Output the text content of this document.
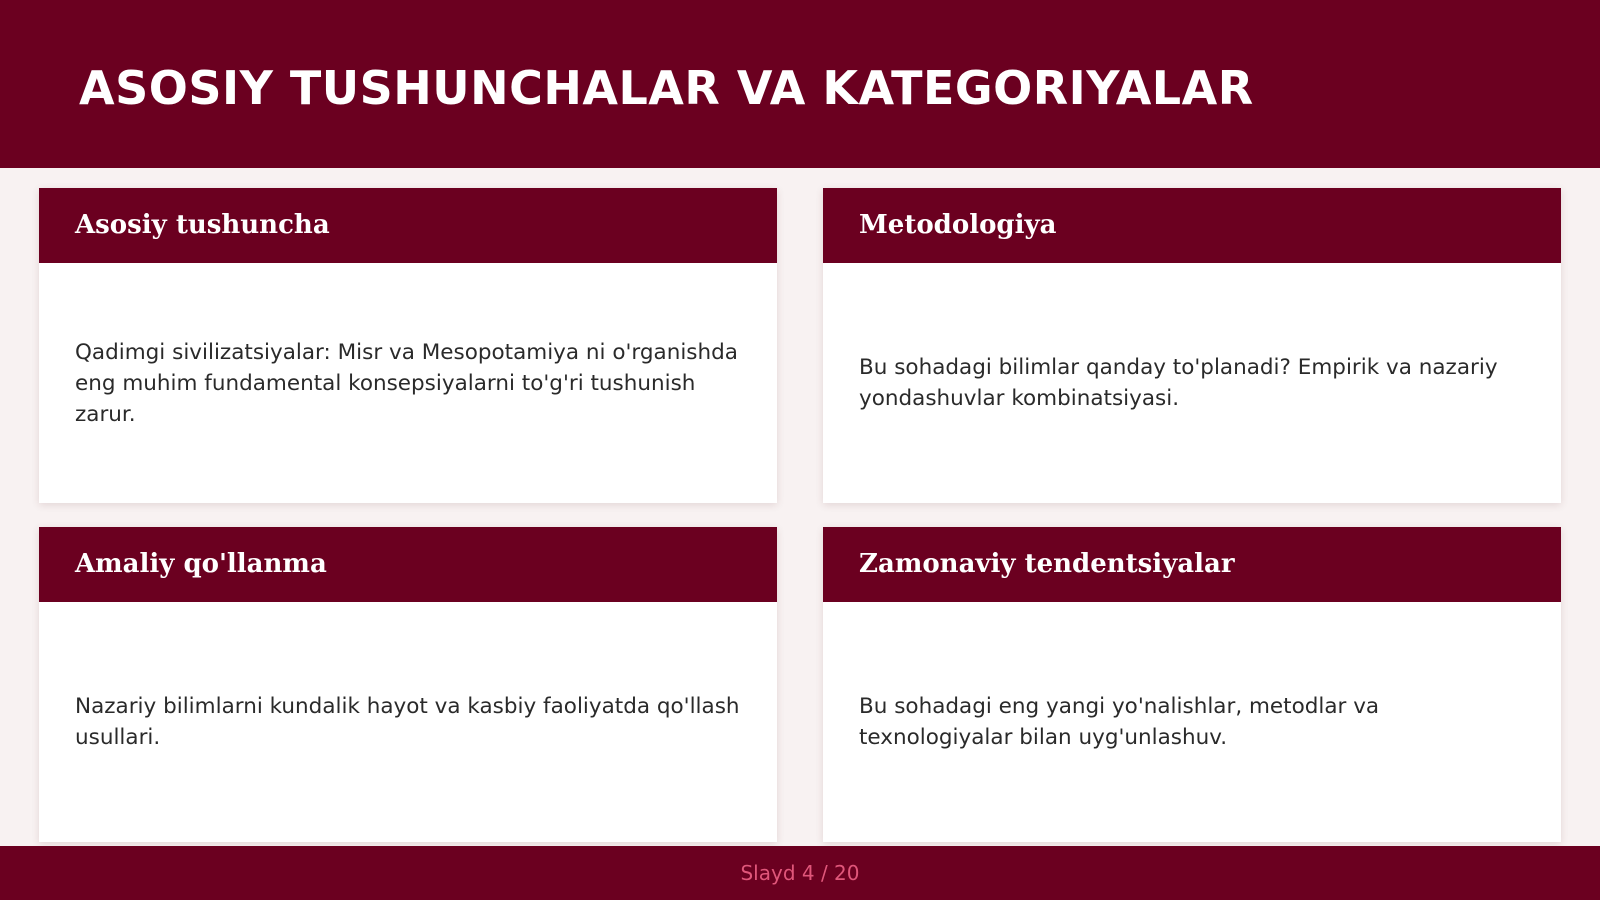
ASOSIY TUSHUNCHALAR VA KATEGORIYALAR
Asosiy tushuncha

Qadimgi sivilizatsiyalar: Misr va Mesopotamiya ni o'rganishda eng muhim fundamental konsepsiyalarni to'g'ri tushunish zarur.

Metodologiya

Bu sohadagi bilimlar qanday to'planadi? Empirik va nazariy yondashuvlar kombinatsiyasi.

Amaliy qo'llanma

Nazariy bilimlarni kundalik hayot va kasbiy faoliyatda qo'llash usullari.

Zamonaviy tendentsiyalar

Bu sohadagi eng yangi yo'nalishlar, metodlar va texnologiyalar bilan uyg'unlashuv.

Slayd 4 / 20
